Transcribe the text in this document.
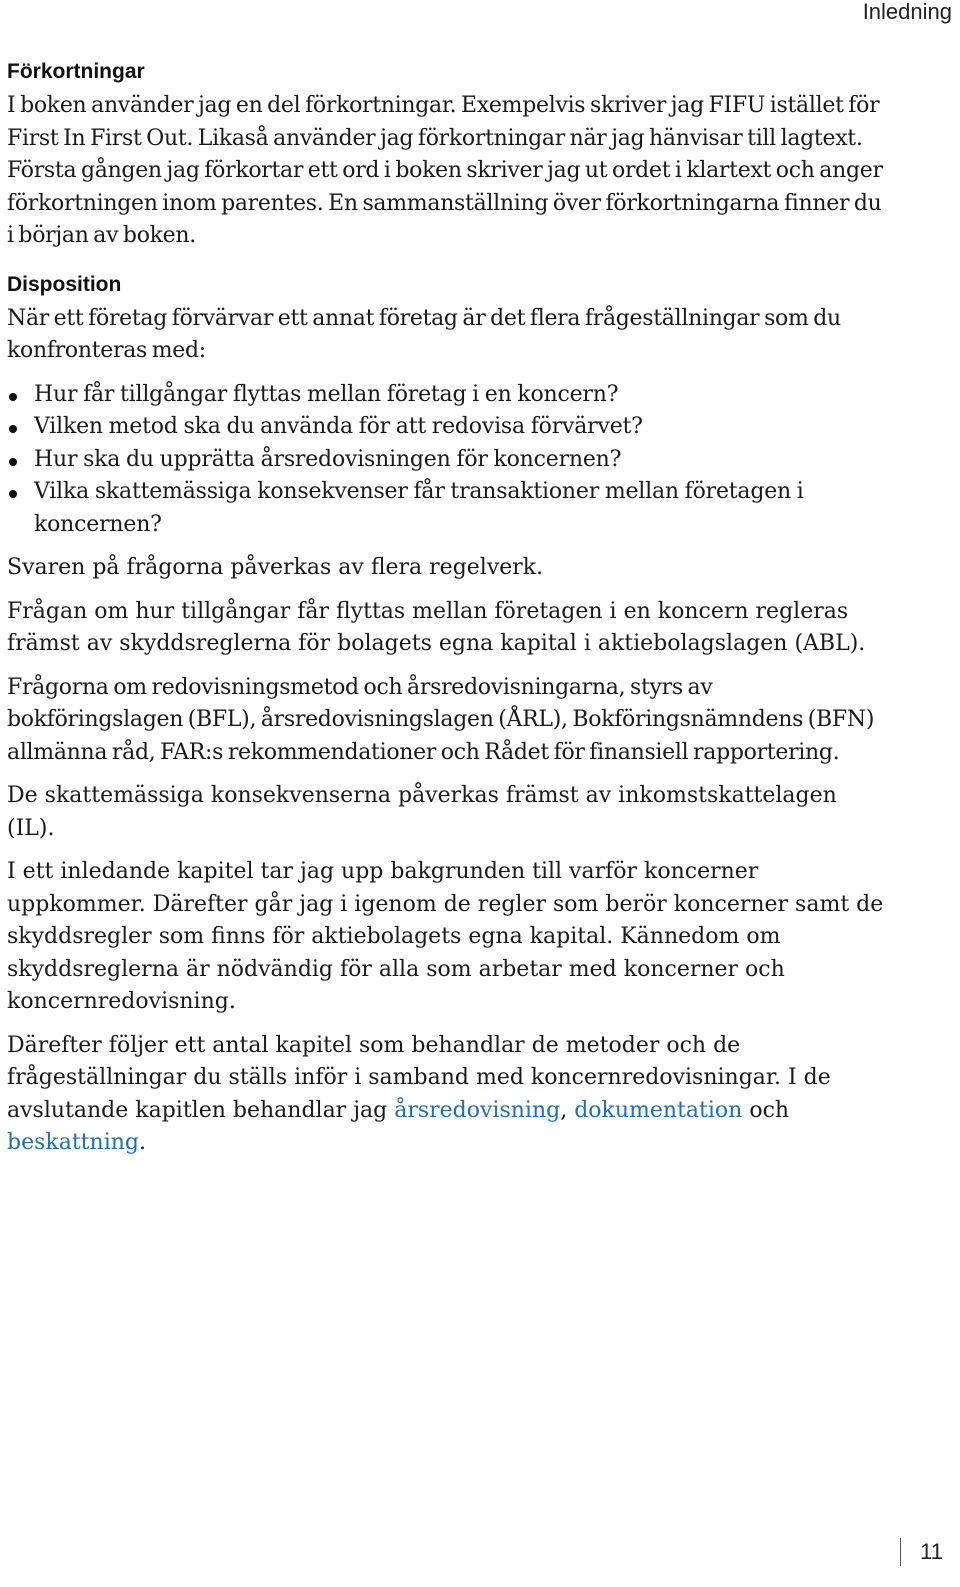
Inledning
Förkortningar

I boken använder jag en del förkortningar. Exempelvis skriver jag FIFU istället för First In First Out. Likaså använder jag förkortningar när jag hänvisar till lagtext. Första gången jag förkortar ett ord i boken skriver jag ut ordet i klartext och anger förkortningen inom parentes. En sammanställning över förkortningarna finner du i början av boken.

Disposition

När ett företag förvärvar ett annat företag är det flera frågeställningar som du konfronteras med:

Hur får tillgångar flyttas mellan företag i en koncern?
Vilken metod ska du använda för att redovisa förvärvet?
Hur ska du upprätta årsredovisningen för koncernen?
Vilka skattemässiga konsekvenser får transaktioner mellan företagen i koncernen?

Svaren på frågorna påverkas av flera regelverk.

Frågan om hur tillgångar får flyttas mellan företagen i en koncern regleras främst av skyddsreglerna för bolagets egna kapital i aktiebolagslagen (ABL).

Frågorna om redovisningsmetod och årsredovisningarna, styrs av bokföringslagen (BFL), årsredovisningslagen (ÅRL), Bokföringsnämndens (BFN) allmänna råd, FAR:s rekommendationer och Rådet för finansiell rapportering.

De skattemässiga konsekvenserna påverkas främst av inkomstskattelagen (IL).

I ett inledande kapitel tar jag upp bakgrunden till varför koncerner uppkommer. Därefter går jag i igenom de regler som berör koncerner samt de skyddsregler som finns för aktiebolagets egna kapital. Kännedom om skyddsreglerna är nödvändig för alla som arbetar med koncerner och koncernredovisning.

Därefter följer ett antal kapitel som behandlar de metoder och de frågeställningar du ställs inför i samband med koncernredovisningar. I de avslutande kapitlen behandlar jag årsredovisning, dokumentation och beskattning.

11
